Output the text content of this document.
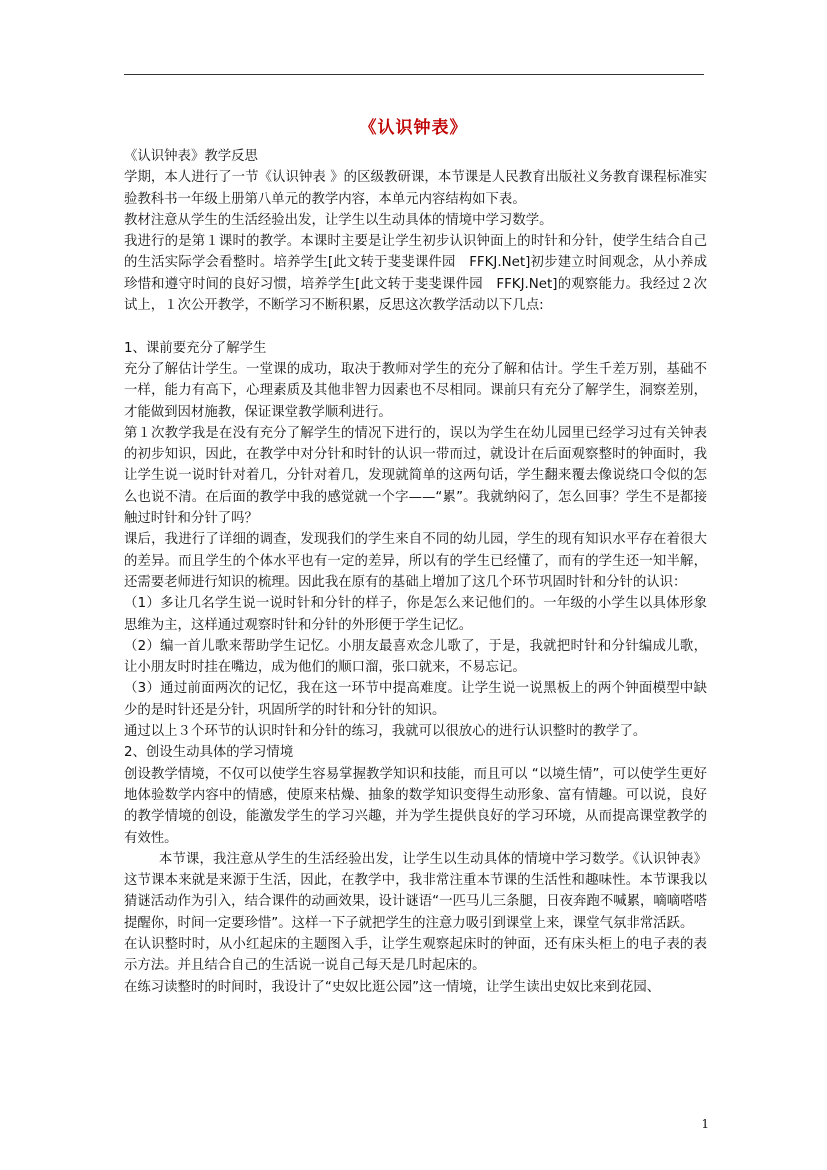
《认识钟表》

《认识钟表》教学反思

学期，本人进行了一节《认识钟表 》的区级教研课，本节课是人民教育出版社义务教育课程标准实验教科书一年级上册第八单元的教学内容，本单元内容结构如下表。

教材注意从学生的生活经验出发，让学生以生动具体的情境中学习数学。

我进行的是第１课时的教学。本课时主要是让学生初步认识钟面上的时针和分针，使学生结合自己的生活实际学会看整时。培养学生[此文转于斐斐课件园　FFKJ.Net]初步建立时间观念，从小养成珍惜和遵守时间的良好习惯，培养学生[此文转于斐斐课件园　FFKJ.Net]的观察能力。我经过２次试上，１次公开教学，不断学习不断积累，反思这次教学活动以下几点:

1、课前要充分了解学生

充分了解估计学生。一堂课的成功，取决于教师对学生的充分了解和估计。学生千差万别，基础不一样，能力有高下，心理素质及其他非智力因素也不尽相同。课前只有充分了解学生，洞察差别，才能做到因材施教，保证课堂教学顺利进行。

第１次教学我是在没有充分了解学生的情况下进行的，误以为学生在幼儿园里已经学习过有关钟表的初步知识，因此，在教学中对分针和时针的认识一带而过，就设计在后面观察整时的钟面时，我让学生说一说时针对着几，分针对着几，发现就简单的这两句话，学生翻来覆去像说绕口令似的怎么也说不清。在后面的教学中我的感觉就一个字——“累”。我就纳闷了，怎么回事？学生不是都接触过时针和分针了吗？

课后，我进行了详细的调查，发现我们的学生来自不同的幼儿园，学生的现有知识水平存在着很大的差异。而且学生的个体水平也有一定的差异，所以有的学生已经懂了，而有的学生还一知半解，还需要老师进行知识的梳理。因此我在原有的基础上增加了这几个环节巩固时针和分针的认识：

（1）多让几名学生说一说时针和分针的样子，你是怎么来记他们的。一年级的小学生以具体形象思维为主，这样通过观察时针和分针的外形便于学生记忆。

（2）编一首儿歌来帮助学生记忆。小朋友最喜欢念儿歌了，于是，我就把时针和分针编成儿歌，让小朋友时时挂在嘴边，成为他们的顺口溜，张口就来，不易忘记。

（3）通过前面两次的记忆，我在这一环节中提高难度。让学生说一说黑板上的两个钟面模型中缺少的是时针还是分针，巩固所学的时针和分针的知识。

通过以上３个环节的认识时针和分针的练习，我就可以很放心的进行认识整时的教学了。

2、创设生动具体的学习情境

创设教学情境，不仅可以使学生容易掌握教学知识和技能，而且可以 “以境生情”，可以使学生更好地体验数学内容中的情感，使原来枯燥、抽象的数学知识变得生动形象、富有情趣。可以说，良好的教学情境的创设，能激发学生的学习兴趣，并为学生提供良好的学习环境，从而提高课堂教学的有效性。

本节课，我注意从学生的生活经验出发，让学生以生动具体的情境中学习数学。《认识钟表》这节课本来就是来源于生活，因此，在教学中，我非常注重本节课的生活性和趣味性。本节课我以猜谜活动作为引入，结合课件的动画效果，设计谜语“一匹马儿三条腿，日夜奔跑不喊累，嘀嘀嗒嗒提醒你，时间一定要珍惜”。这样一下子就把学生的注意力吸引到课堂上来，课堂气氛非常活跃。

在认识整时时，从小红起床的主题图入手，让学生观察起床时的钟面，还有床头柜上的电子表的表示方法。并且结合自己的生活说一说自己每天是几时起床的。

在练习读整时的时间时，我设计了“史奴比逛公园”这一情境，让学生读出史奴比来到花园、

1
